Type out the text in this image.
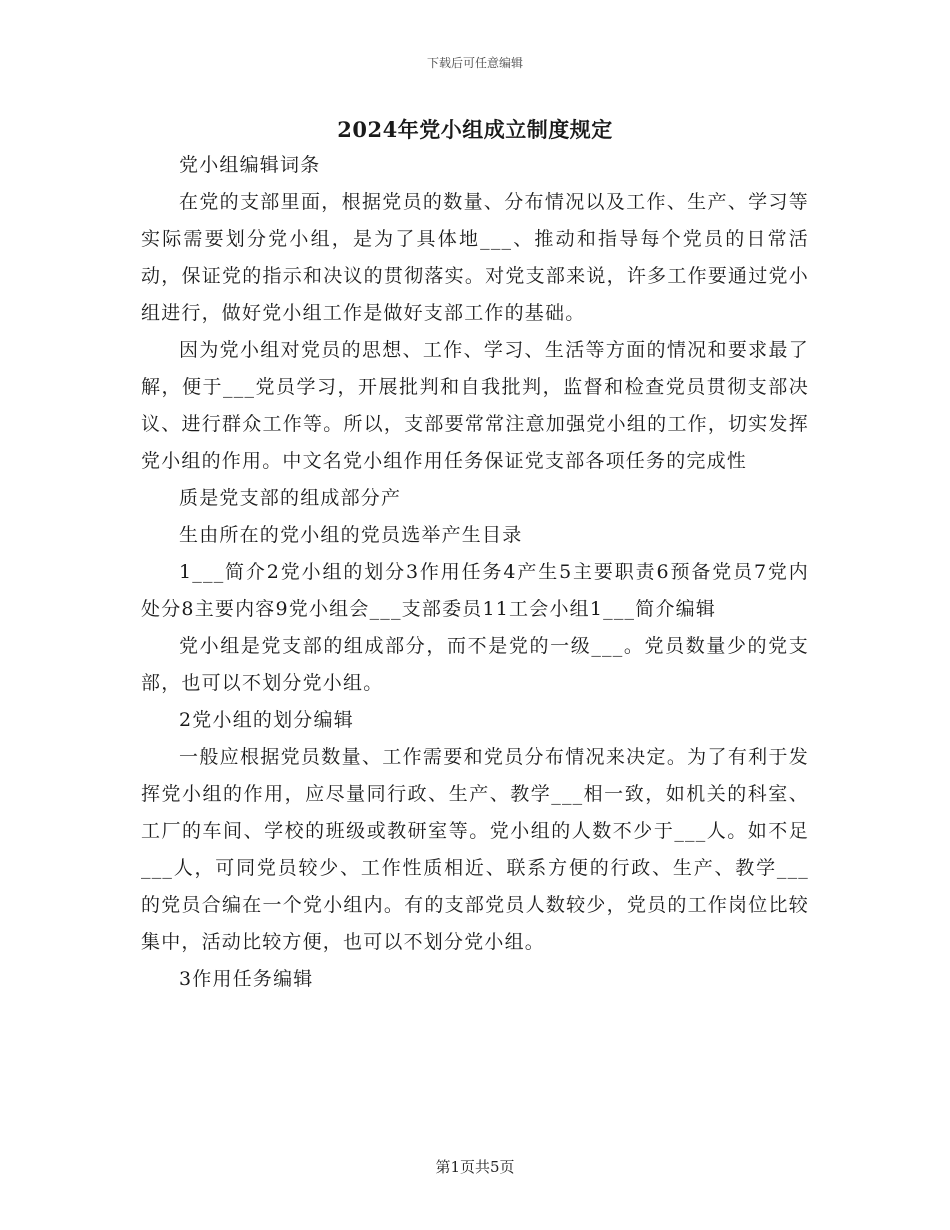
下载后可任意编辑
2024年党小组成立制度规定

党小组编辑词条

在党的支部里面，根据党员的数量、分布情况以及工作、生产、学习等实际需要划分党小组，是为了具体地___、推动和指导每个党员的日常活动，保证党的指示和决议的贯彻落实。对党支部来说，许多工作要通过党小组进行，做好党小组工作是做好支部工作的基础。

因为党小组对党员的思想、工作、学习、生活等方面的情况和要求最了解，便于___党员学习，开展批判和自我批判，监督和检查党员贯彻支部决议、进行群众工作等。所以，支部要常常注意加强党小组的工作，切实发挥党小组的作用。中文名党小组作用任务保证党支部各项任务的完成性

质是党支部的组成部分产

生由所在的党小组的党员选举产生目录

1___简介2党小组的划分3作用任务4产生5主要职责6预备党员7党内处分8主要内容9党小组会___支部委员11工会小组1___简介编辑

党小组是党支部的组成部分，而不是党的一级___。党员数量少的党支部，也可以不划分党小组。

2党小组的划分编辑

一般应根据党员数量、工作需要和党员分布情况来决定。为了有利于发挥党小组的作用，应尽量同行政、生产、教学___相一致，如机关的科室、工厂的车间、学校的班级或教研室等。党小组的人数不少于___人。如不足___人，可同党员较少、工作性质相近、联系方便的行政、生产、教学___的党员合编在一个党小组内。有的支部党员人数较少，党员的工作岗位比较集中，活动比较方便，也可以不划分党小组。

3作用任务编辑

第1页共5页
